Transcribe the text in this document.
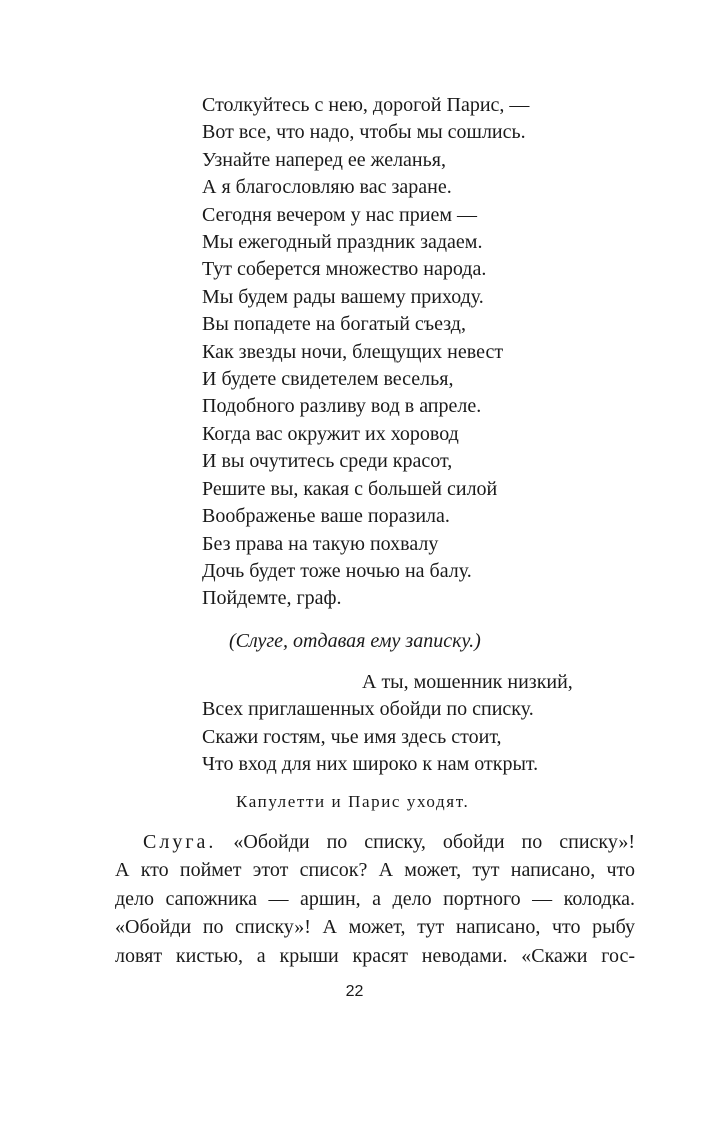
Столкуйтесь с нею, дорогой Парис, —
Вот все, что надо, чтобы мы сошлись.
Узнайте наперед ее желанья,
А я благословляю вас заране.
Сегодня вечером у нас прием —
Мы ежегодный праздник задаем.
Тут соберется множество народа.
Мы будем рады вашему приходу.
Вы попадете на богатый съезд,
Как звезды ночи, блещущих невест
И будете свидетелем веселья,
Подобного разливу вод в апреле.
Когда вас окружит их хоровод
И вы очутитесь среди красот,
Решите вы, какая с большей силой
Воображенье ваше поразила.
Без права на такую похвалу
Дочь будет тоже ночью на балу.
Пойдемте, граф.
(Слуге, отдавая ему записку.)
А ты, мошенник низкий,
Всех приглашенных обойди по списку.
Скажи гостям, чье имя здесь стоит,
Что вход для них широко к нам открыт.
Капулетти и Парис уходят.
Слуга. «Обойди по списку, обойди по списку»!
А кто поймет этот список? А может, тут написано, что
дело сапожника — аршин, а дело портного — колодка.
«Обойди по списку»! А может, тут написано, что рыбу
ловят кистью, а крыши красят неводами. «Скажи гос-
22
